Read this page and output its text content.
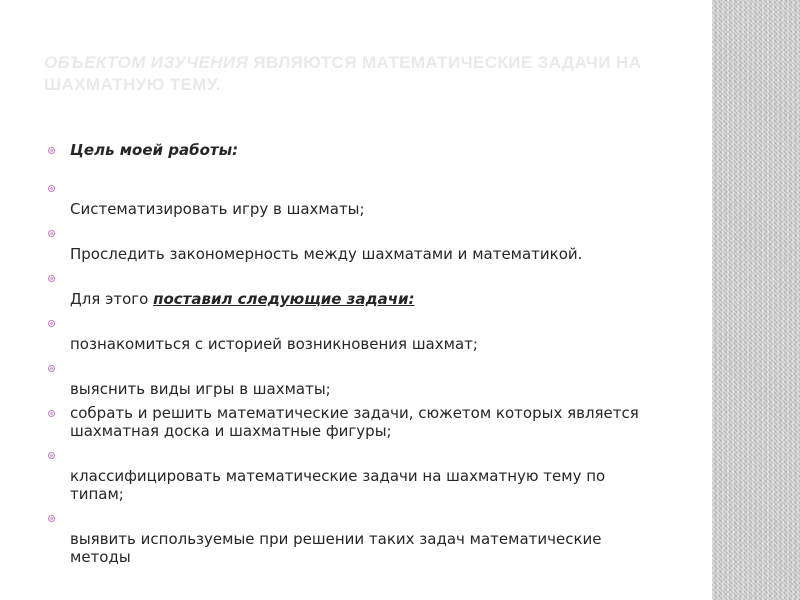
ОБЪЕКТОМ ИЗУЧЕНИЯ ЯВЛЯЮТСЯ МАТЕМАТИЧЕСКИЕ ЗАДАЧИ НА ШАХМАТНУЮ ТЕМУ.
Цель моей работы:
Систематизировать игру в шахматы;
Проследить закономерность между шахматами и математикой.
Для этого поставил следующие задачи:
познакомиться с историей возникновения шахмат;
выяснить виды игры в шахматы;
собрать и решить математические задачи, сюжетом которых является шахматная доска и шахматные фигуры;
классифицировать математические задачи на шахматную тему по типам;
выявить используемые при решении таких задач математические методы
